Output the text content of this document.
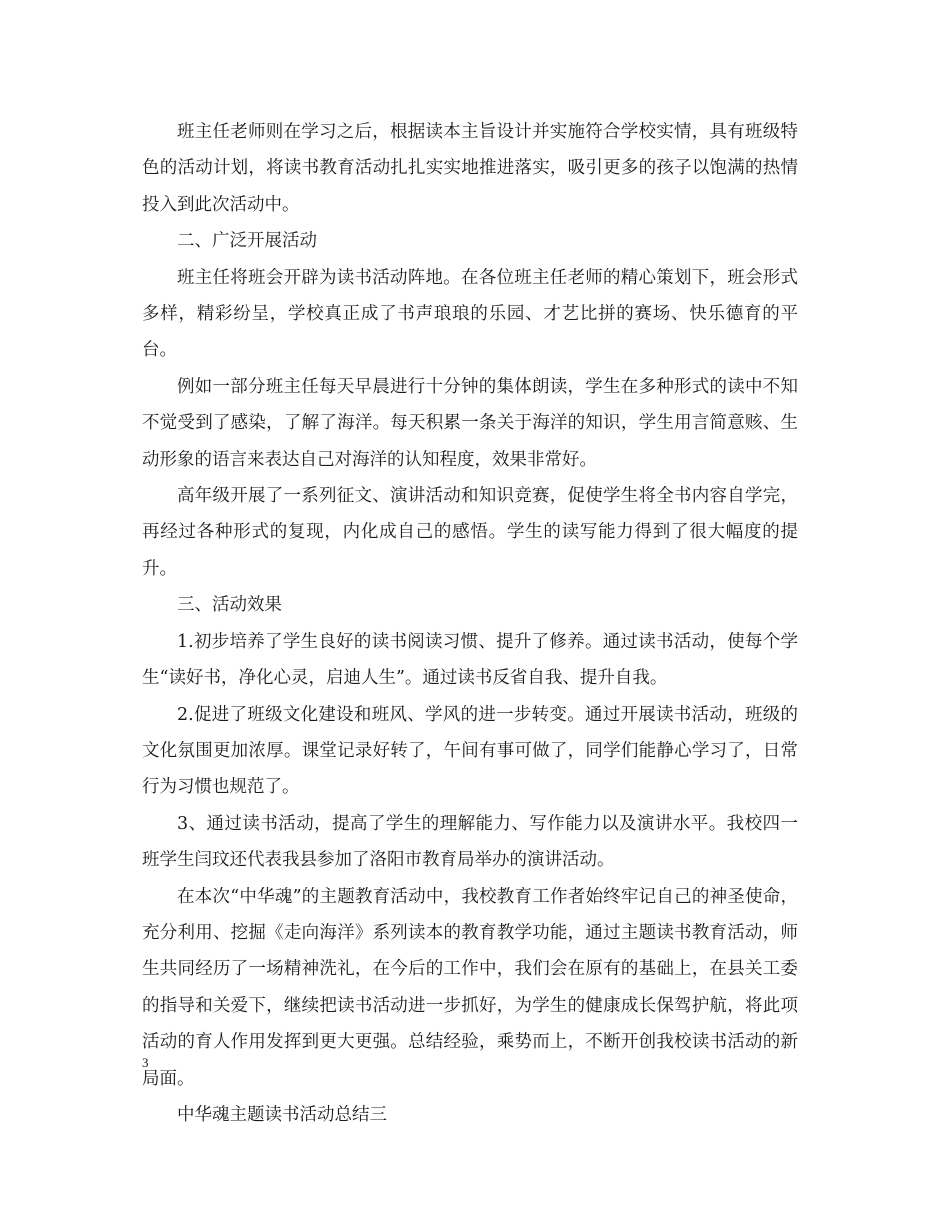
班主任老师则在学习之后，根据读本主旨设计并实施符合学校实情，具有班级特色的活动计划，将读书教育活动扎扎实实地推进落实，吸引更多的孩子以饱满的热情投入到此次活动中。

二、广泛开展活动

班主任将班会开辟为读书活动阵地。在各位班主任老师的精心策划下，班会形式多样，精彩纷呈，学校真正成了书声琅琅的乐园、才艺比拼的赛场、快乐德育的平台。

例如一部分班主任每天早晨进行十分钟的集体朗读，学生在多种形式的读中不知不觉受到了感染，了解了海洋。每天积累一条关于海洋的知识，学生用言简意赅、生动形象的语言来表达自己对海洋的认知程度，效果非常好。

高年级开展了一系列征文、演讲活动和知识竞赛，促使学生将全书内容自学完，再经过各种形式的复现，内化成自己的感悟。学生的读写能力得到了很大幅度的提升。

三、活动效果

1.初步培养了学生良好的读书阅读习惯、提升了修养。通过读书活动，使每个学生“读好书，净化心灵，启迪人生”。通过读书反省自我、提升自我。

2.促进了班级文化建设和班风、学风的进一步转变。通过开展读书活动，班级的文化氛围更加浓厚。课堂记录好转了，午间有事可做了，同学们能静心学习了，日常行为习惯也规范了。

3、通过读书活动，提高了学生的理解能力、写作能力以及演讲水平。我校四一班学生闫玟还代表我县参加了洛阳市教育局举办的演讲活动。

在本次“中华魂”的主题教育活动中，我校教育工作者始终牢记自己的神圣使命，充分利用、挖掘《走向海洋》系列读本的教育教学功能，通过主题读书教育活动，师生共同经历了一场精神洗礼，在今后的工作中，我们会在原有的基础上，在县关工委的指导和关爱下，继续把读书活动进一步抓好，为学生的健康成长保驾护航，将此项活动的育人作用发挥到更大更强。总结经验，乘势而上，不断开创我校读书活动的新局面。

中华魂主题读书活动总结三

3
